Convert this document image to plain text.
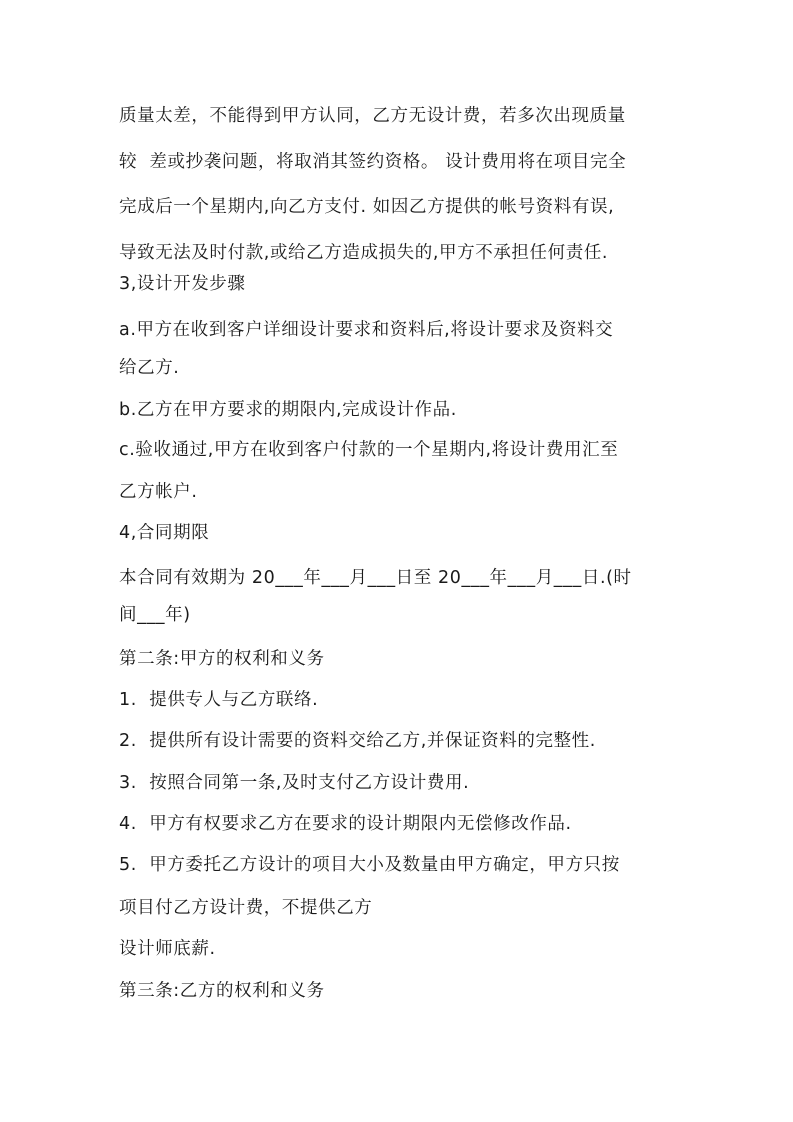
质量太差，不能得到甲方认同，乙方无设计费，若多次出现质量
较  差或抄袭问题，将取消其签约资格。 设计费用将在项目完全
完成后一个星期内,向乙方支付. 如因乙方提供的帐号资料有误,
导致无法及时付款,或给乙方造成损失的,甲方不承担任何责任.
3,设计开发步骤
a.甲方在收到客户详细设计要求和资料后,将设计要求及资料交
给乙方.
b.乙方在甲方要求的期限内,完成设计作品.
c.验收通过,甲方在收到客户付款的一个星期内,将设计费用汇至
乙方帐户.
4,合同期限
本合同有效期为 20___年___月___日至 20___年___月___日.(时
间___年)
第二条:甲方的权利和义务
1.  提供专人与乙方联络.
2.  提供所有设计需要的资料交给乙方,并保证资料的完整性.
3.  按照合同第一条,及时支付乙方设计费用.
4.  甲方有权要求乙方在要求的设计期限内无偿修改作品.
5.  甲方委托乙方设计的项目大小及数量由甲方确定，甲方只按
项目付乙方设计费，不提供乙方
设计师底薪.
第三条:乙方的权利和义务
